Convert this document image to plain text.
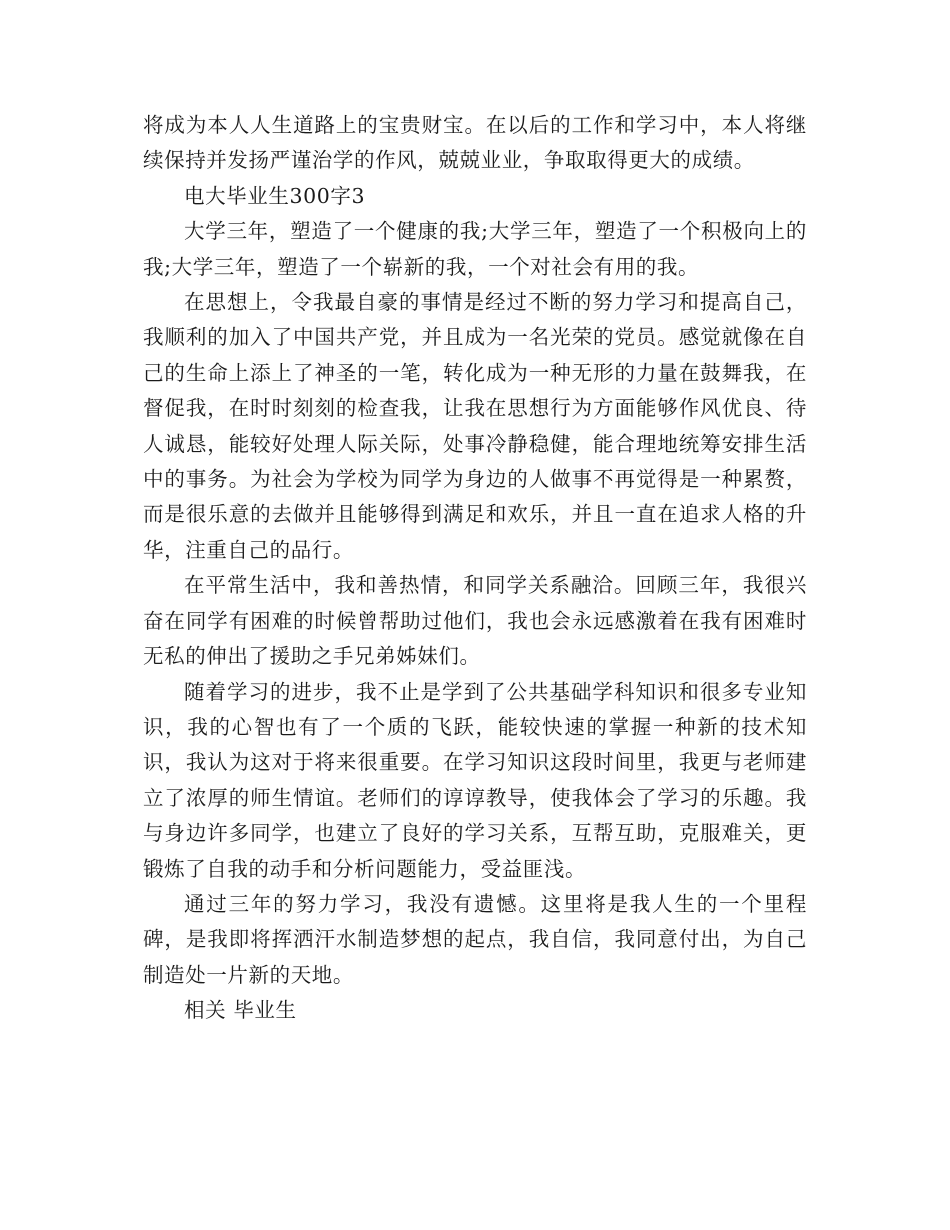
将成为本人人生道路上的宝贵财宝。在以后的工作和学习中，本人将继续保持并发扬严谨治学的作风，兢兢业业，争取取得更大的成绩。

电大毕业生300字3

大学三年，塑造了一个健康的我;大学三年，塑造了一个积极向上的我;大学三年，塑造了一个崭新的我，一个对社会有用的我。

在思想上，令我最自豪的事情是经过不断的努力学习和提高自己，我顺利的加入了中国共产党，并且成为一名光荣的党员。感觉就像在自己的生命上添上了神圣的一笔，转化成为一种无形的力量在鼓舞我，在督促我，在时时刻刻的检查我，让我在思想行为方面能够作风优良、待人诚恳，能较好处理人际关际，处事冷静稳健，能合理地统筹安排生活中的事务。为社会为学校为同学为身边的人做事不再觉得是一种累赘，而是很乐意的去做并且能够得到满足和欢乐，并且一直在追求人格的升华，注重自己的品行。

在平常生活中，我和善热情，和同学关系融洽。回顾三年，我很兴奋在同学有困难的时候曾帮助过他们，我也会永远感激着在我有困难时无私的伸出了援助之手兄弟姊妹们。

随着学习的进步，我不止是学到了公共基础学科知识和很多专业知识，我的心智也有了一个质的飞跃，能较快速的掌握一种新的技术知识，我认为这对于将来很重要。在学习知识这段时间里，我更与老师建立了浓厚的师生情谊。老师们的谆谆教导，使我体会了学习的乐趣。我与身边许多同学，也建立了良好的学习关系，互帮互助，克服难关，更锻炼了自我的动手和分析问题能力，受益匪浅。

通过三年的努力学习，我没有遗憾。这里将是我人生的一个里程碑，是我即将挥洒汗水制造梦想的起点，我自信，我同意付出，为自己制造处一片新的天地。

相关 毕业生
